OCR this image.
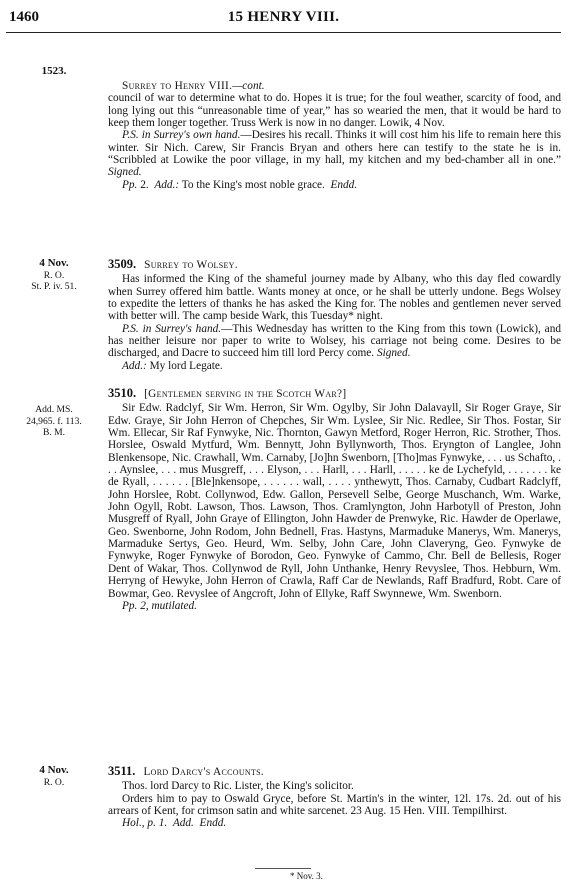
1460	15 HENRY VIII.
1523.

Surrey to Henry VIII.—cont.

council of war to determine what to do. Hopes it is true; for the foul weather, scarcity of food, and long lying out this “unreasonable time of year,” has so wearied the men, that it would be hard to keep them longer together. Truss Werk is now in no danger. Lowik, 4 Nov.

P.S. in Surrey's own hand.—Desires his recall. Thinks it will cost him his life to remain here this winter. Sir Nich. Carew, Sir Francis Bryan and others here can testify to the state he is in. “Scribbled at Lowike the poor village, in my hall, my kitchen and my bed-chamber all in one.” Signed.

Pp. 2. Add.: To the King's most noble grace. Endd.

4 Nov.
R. O.
St. P. iv. 51.
3509. Surrey to Wolsey.

Has informed the King of the shameful journey made by Albany, who this day fled cowardly when Surrey offered him battle. Wants money at once, or he shall be utterly undone. Begs Wolsey to expedite the letters of thanks he has asked the King for. The nobles and gentlemen never served with better will. The camp beside Wark, this Tuesday* night.

P.S. in Surrey's hand.—This Wednesday has written to the King from this town (Lowick), and has neither leisure nor paper to write to Wolsey, his carriage not being come. Desires to be discharged, and Dacre to succeed him till lord Percy come. Signed.

Add.: My lord Legate.

Add. MS.
24,965. f. 113.
B. M.
3510. [Gentlemen serving in the Scotch War?]

Sir Edw. Radclyf, Sir Wm. Herron, Sir Wm. Ogylby, Sir John Dalavayll, Sir Roger Graye, Sir Edw. Graye, Sir John Herron of Chepches, Sir Wm. Lyslee, Sir Nic. Redlee, Sir Thos. Fostar, Sir Wm. Ellecar, Sir Raf Fynwyke, Nic. Thornton, Gawyn Metford, Roger Herron, Ric. Strother, Thos. Horslee, Oswald Mytfurd, Wm. Bennytt, John Byllynworth, Thos. Eryngton of Langlee, John Blenkensope, Nic. Crawhall, Wm. Carnaby, [Jo]hn Swenborn, [Tho]mas Fynwyke, . . . us Schafto, . . . Aynslee, . . . mus Musgreff, . . . Elyson, . . . Harll, . . . Harll, . . . . . ke de Lychefyld, . . . . . . . ke de Ryall, . . . . . . [Ble]nkensope, . . . . . . wall, . . . . ynthewytt, Thos. Carnaby, Cudbart Radclyff, John Horslee, Robt. Collynwod, Edw. Gallon, Persevell Selbe, George Muschanch, Wm. Warke, John Ogyll, Robt. Lawson, Thos. Lawson, Thos. Cramlyngton, John Harbotyll of Preston, John Musgreff of Ryall, John Graye of Ellington, John Hawder de Prenwyke, Ric. Hawder de Operlawe, Geo. Swenborne, John Rodom, John Bednell, Fras. Hastyns, Marmaduke Manerys, Wm. Manerys, Marmaduke Sertys, Geo. Heurd, Wm. Selby, John Care, John Claveryng, Geo. Fynwyke de Fynwyke, Roger Fynwyke of Borodon, Geo. Fynwyke of Cammo, Chr. Bell de Bellesis, Roger Dent of Wakar, Thos. Collynwod de Ryll, John Unthanke, Henry Revyslee, Thos. Hebburn, Wm. Herryng of Hewyke, John Herron of Crawla, Raff Car de Newlands, Raff Bradfurd, Robt. Care of Bowmar, Geo. Revyslee of Angcroft, John of Ellyke, Raff Swynnewe, Wm. Swenborn.

Pp. 2, mutilated.

4 Nov.
R. O.
3511. Lord Darcy's Accounts.

Thos. lord Darcy to Ric. Lister, the King's solicitor.

Orders him to pay to Oswald Gryce, before St. Martin's in the winter, 12l. 17s. 2d. out of his arrears of Kent, for crimson satin and white sarcenet. 23 Aug. 15 Hen. VIII. Tempilhirst.

Hol., p. 1. Add. Endd.

* Nov. 3.
